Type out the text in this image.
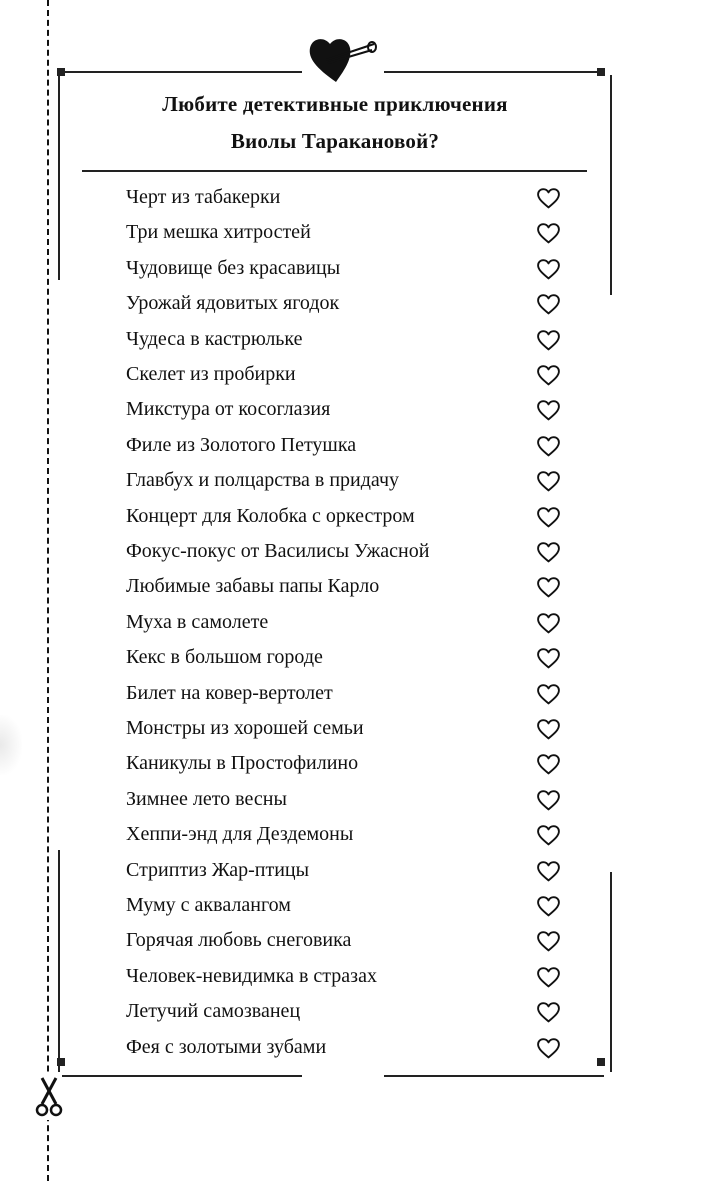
Любите детективные приключения
Виолы Таракановой?
Черт из табакерки
Три мешка хитростей
Чудовище без красавицы
Урожай ядовитых ягодок
Чудеса в кастрюльке
Скелет из пробирки
Микстура от косоглазия
Филе из Золотого Петушка
Главбух и полцарства в придачу
Концерт для Колобка с оркестром
Фокус-покус от Василисы Ужасной
Любимые забавы папы Карло
Муха в самолете
Кекс в большом городе
Билет на ковер-вертолет
Монстры из хорошей семьи
Каникулы в Простофилино
Зимнее лето весны
Хеппи-энд для Дездемоны
Стриптиз Жар-птицы
Муму с аквалангом
Горячая любовь снеговика
Человек-невидимка в стразах
Летучий самозванец
Фея с золотыми зубами
